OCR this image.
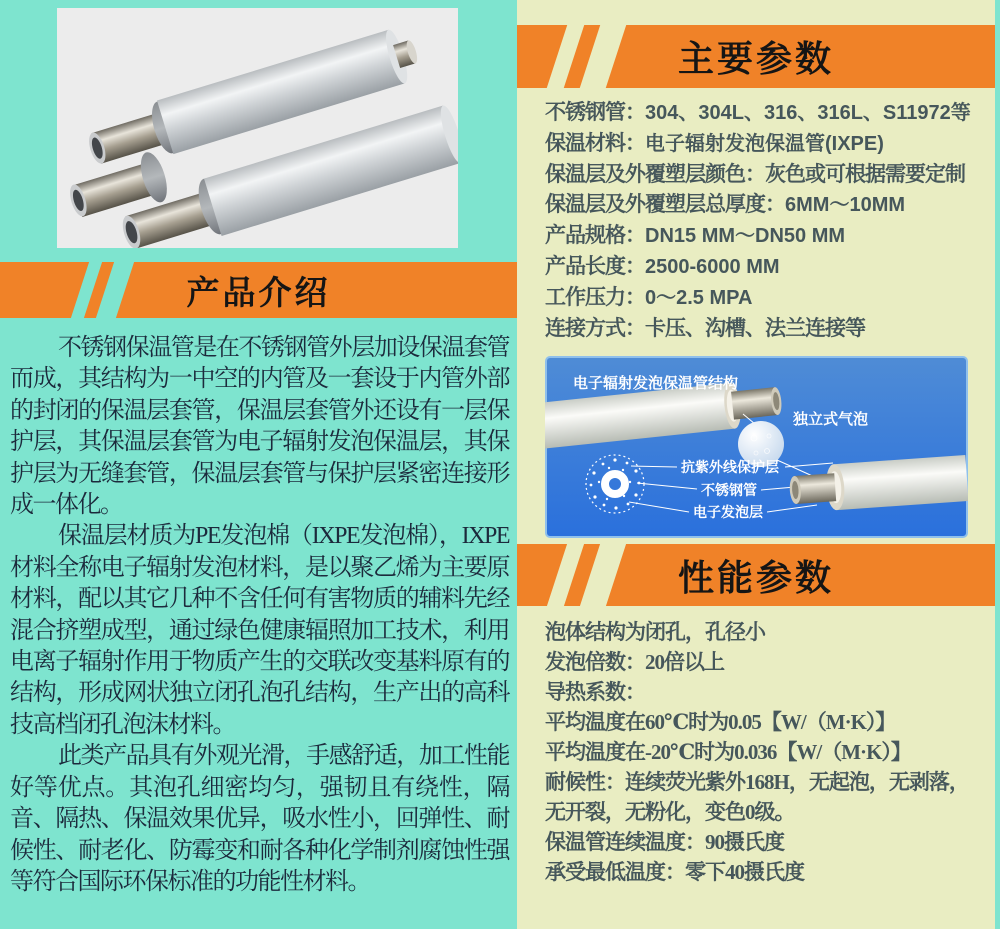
产品介绍

不锈钢保温管是在不锈钢管外层加设保温套管而成，其结构为一中空的内管及一套设于内管外部的封闭的保温层套管，保温层套管外还设有一层保护层，其保温层套管为电子辐射发泡保温层，其保护层为无缝套管，保温层套管与保护层紧密连接形成一体化。

保温层材质为PE发泡棉（IXPE发泡棉），IXPE材料全称电子辐射发泡材料，是以聚乙烯为主要原材料，配以其它几种不含任何有害物质的辅料先经混合挤塑成型，通过绿色健康辐照加工技术，利用电离子辐射作用于物质产生的交联改变基料原有的结构，形成网状独立闭孔泡孔结构，生产出的高科技高档闭孔泡沫材料。

此类产品具有外观光滑，手感舒适，加工性能好等优点。其泡孔细密均匀，强韧且有绕性，隔音、隔热、保温效果优异，吸水性小，回弹性、耐候性、耐老化、防霉变和耐各种化学制剂腐蚀性强等符合国际环保标准的功能性材料。

主要参数
不锈钢管：304、304L、316、316L、S11972等
保温材料：电子辐射发泡保温管(IXPE)
保温层及外覆塑层颜色：灰色或可根据需要定制
保温层及外覆塑层总厚度：6MM～10MM
产品规格：DN15 MM～DN50 MM
产品长度：2500-6000 MM
工作压力：0～2.5 MPA
连接方式：卡压、沟槽、法兰连接等
独立式气泡
抗紫外线保护层
不锈钢管
电子发泡层
电子辐射发泡保温管结构
性能参数
泡体结构为闭孔，孔径小
发泡倍数：20倍以上
导热系数：
平均温度在60℃时为0.05【W/（M·K）】
平均温度在-20℃时为0.036【W/（M·K）】
耐候性：连续荧光紫外168H，无起泡，无剥落，无开裂，无粉化，变色0级。
保温管连续温度：90摄氏度
承受最低温度：零下40摄氏度
